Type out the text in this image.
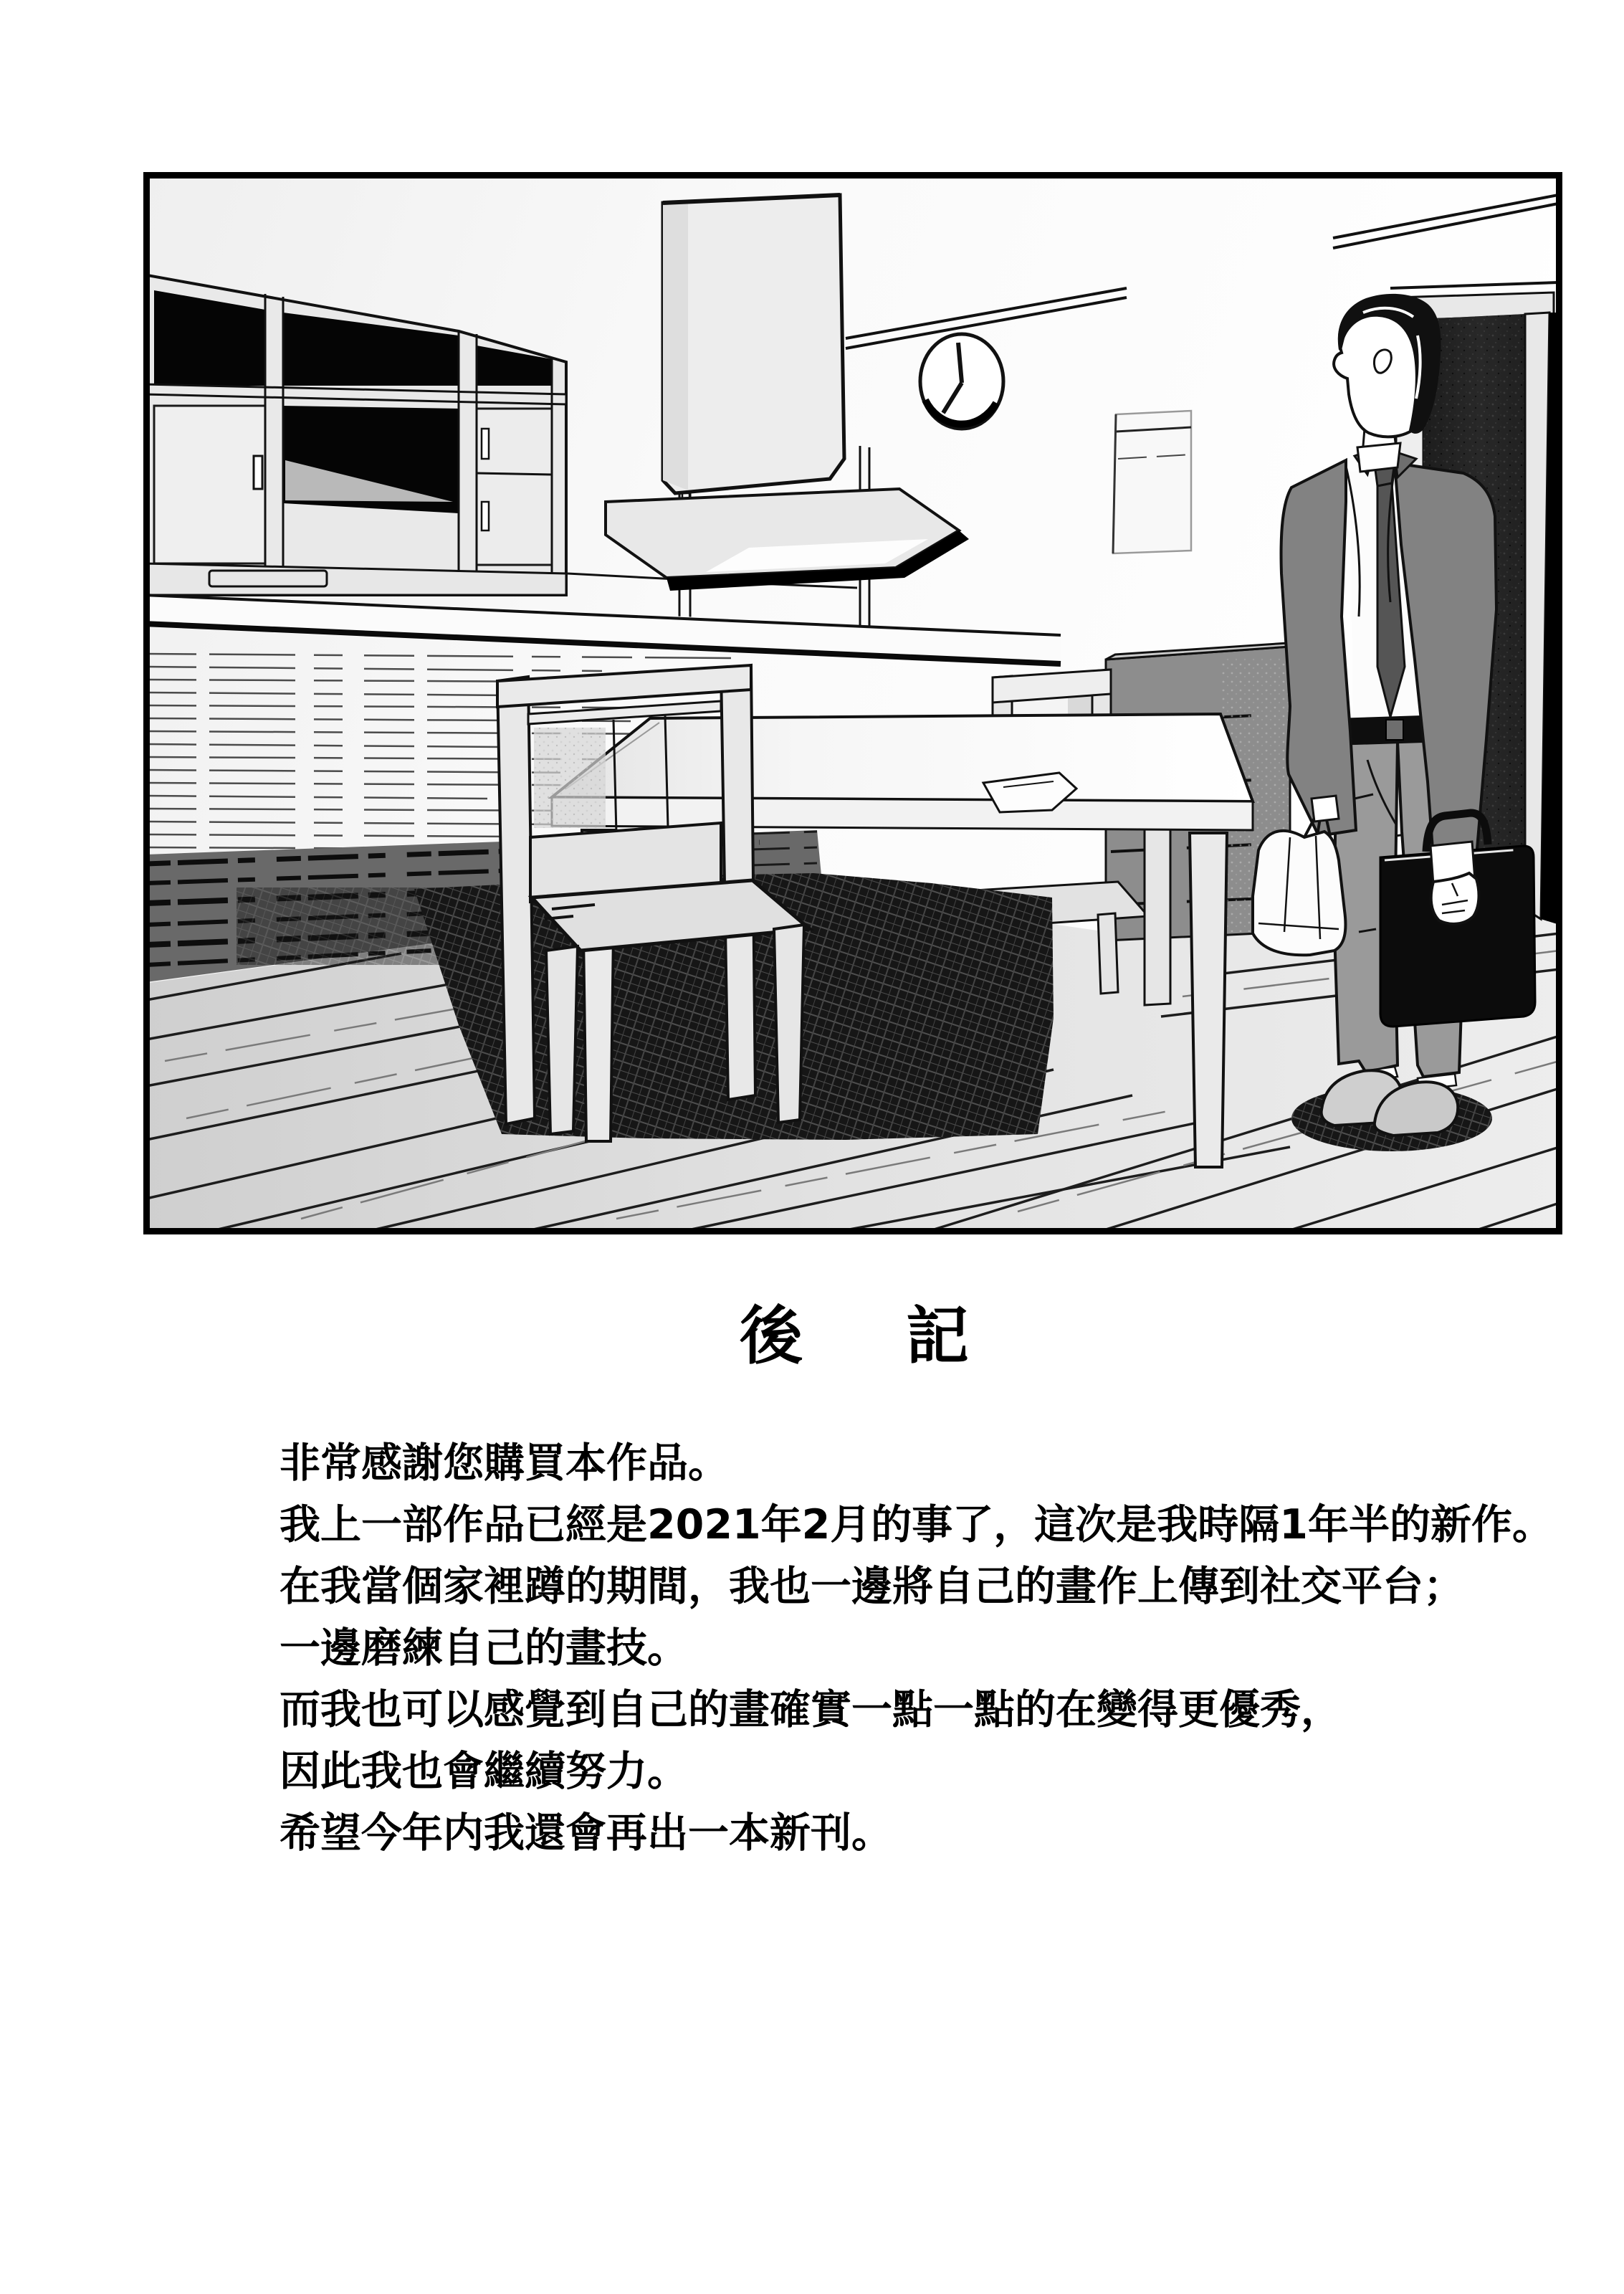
後　記
非常感謝您購買本作品。
我上一部作品已經是2021年2月的事了，這次是我時隔1年半的新作。
在我當個家裡蹲的期間，我也一邊將自己的畫作上傳到社交平台；
一邊磨練自己的畫技。
而我也可以感覺到自己的畫確實一點一點的在變得更優秀，
因此我也會繼續努力。
希望今年内我還會再出一本新刊。
